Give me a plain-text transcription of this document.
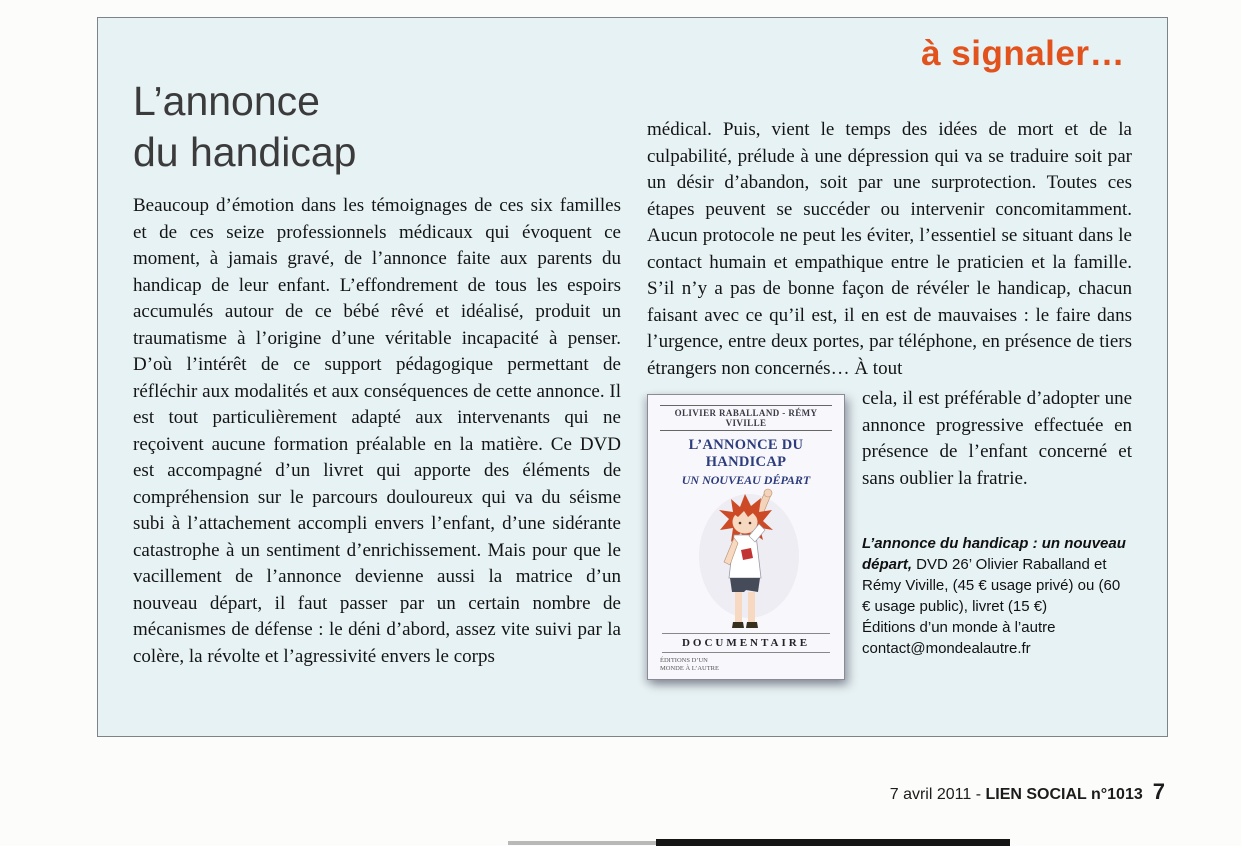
à signaler…
L’annonce
du handicap

Beaucoup d’émotion dans les témoignages de ces six familles et de ces seize professionnels médicaux qui évoquent ce moment, à jamais gravé, de l’annonce faite aux parents du handicap de leur enfant. L’effondrement de tous les espoirs accumulés autour de ce bébé rêvé et idéalisé, produit un traumatisme à l’origine d’une véritable incapacité à penser. D’où l’intérêt de ce support pédagogique permettant de réfléchir aux modalités et aux conséquences de cette annonce. Il est tout particulièrement adapté aux intervenants qui ne reçoivent aucune formation préalable en la matière. Ce DVD est accompagné d’un livret qui apporte des éléments de compréhension sur le parcours douloureux qui va du séisme subi à l’attachement accompli envers l’enfant, d’une sidérante catastrophe à un sentiment d’enrichissement. Mais pour que le vacillement de l’annonce devienne aussi la matrice d’un nouveau départ, il faut passer par un certain nombre de mécanismes de défense : le déni d’abord, assez vite suivi par la colère, la révolte et l’agressivité envers le corps

médical. Puis, vient le temps des idées de mort et de la culpabilité, prélude à une dépression qui va se traduire soit par un désir d’abandon, soit par une surprotection. Toutes ces étapes peuvent se succéder ou intervenir concomitamment. Aucun protocole ne peut les éviter, l’essentiel se situant dans le contact humain et empathique entre le praticien et la famille. S’il n’y a pas de bonne façon de révéler le handicap, chacun faisant avec ce qu’il est, il en est de mauvaises : le faire dans l’urgence, entre deux portes, par téléphone, en présence de tiers étrangers non concernés… À tout

OLIVIER RABALLAND - RÉMY VIVILLE
L’ANNONCE DU HANDICAP
UN NOUVEAU DÉPART
DOCUMENTAIRE
ÉDITIONS D’UN MONDE À L’AUTRE

cela, il est préférable d’adopter une annonce progressive effectuée en présence de l’enfant concerné et sans oublier la fratrie.

L’annonce du handicap : un nouveau départ, DVD 26’ Olivier Raballand et Rémy Viville, (45 € usage privé) ou (60 € usage public), livret (15 €)

Éditions d’un monde à l’autre

contact@mondealautre.fr

7 avril 2011 - LIEN SOCIAL n°1013 7
